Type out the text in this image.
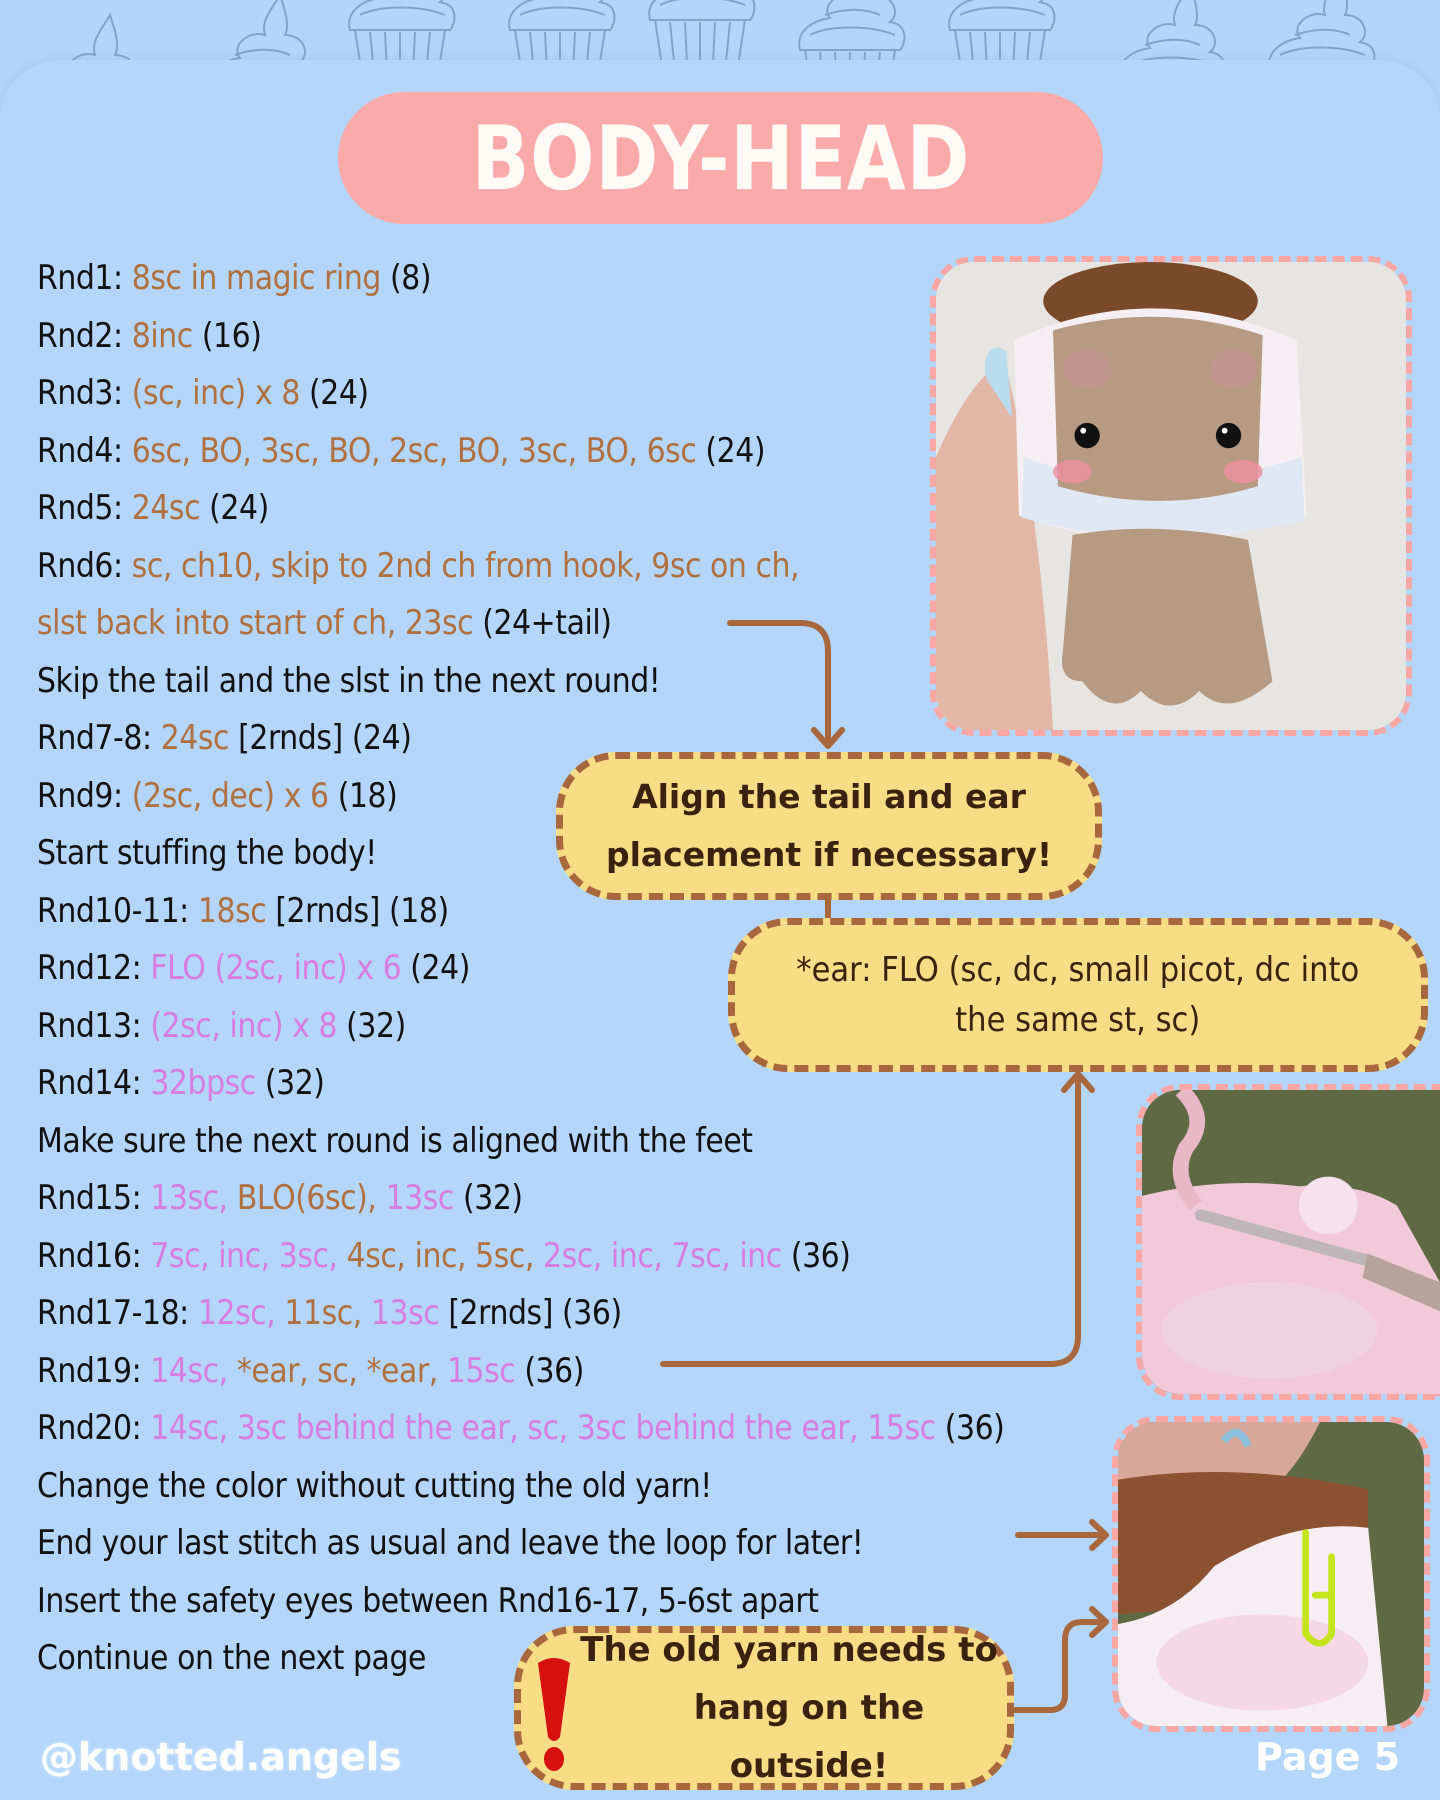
BODY-HEAD
Rnd1: 8sc in magic ring (8)
Rnd2: 8inc (16)
Rnd3: (sc, inc) x 8 (24)
Rnd4: 6sc, BO, 3sc, BO, 2sc, BO, 3sc, BO, 6sc (24)
Rnd5: 24sc (24)
Rnd6: sc, ch10, skip to 2nd ch from hook, 9sc on ch,
slst back into start of ch, 23sc (24+tail)
Skip the tail and the slst in the next round!
Rnd7-8: 24sc [2rnds] (24)
Rnd9: (2sc, dec) x 6 (18)
Start stuffing the body!
Rnd10-11: 18sc [2rnds] (18)
Rnd12: FLO (2sc, inc) x 6 (24)
Rnd13: (2sc, inc) x 8 (32)
Rnd14: 32bpsc (32)
Make sure the next round is aligned with the feet
Rnd15: 13sc, BLO(6sc), 13sc (32)
Rnd16: 7sc, inc, 3sc, 4sc, inc, 5sc, 2sc, inc, 7sc, inc (36)
Rnd17-18: 12sc, 11sc, 13sc [2rnds] (36)
Rnd19: 14sc, *ear, sc, *ear, 15sc (36)
Rnd20: 14sc, 3sc behind the ear, sc, 3sc behind the ear, 15sc (36)
Change the color without cutting the old yarn!
End your last stitch as usual and leave the loop for later!
Insert the safety eyes between Rnd16-17, 5-6st apart
Continue on the next page
Align the tail and ear
placement if necessary!
*ear: FLO (sc, dc, small picot, dc into
the same st, sc)
The old yarn needs to
hang on the outside!
@knotted.angels	Page 5
